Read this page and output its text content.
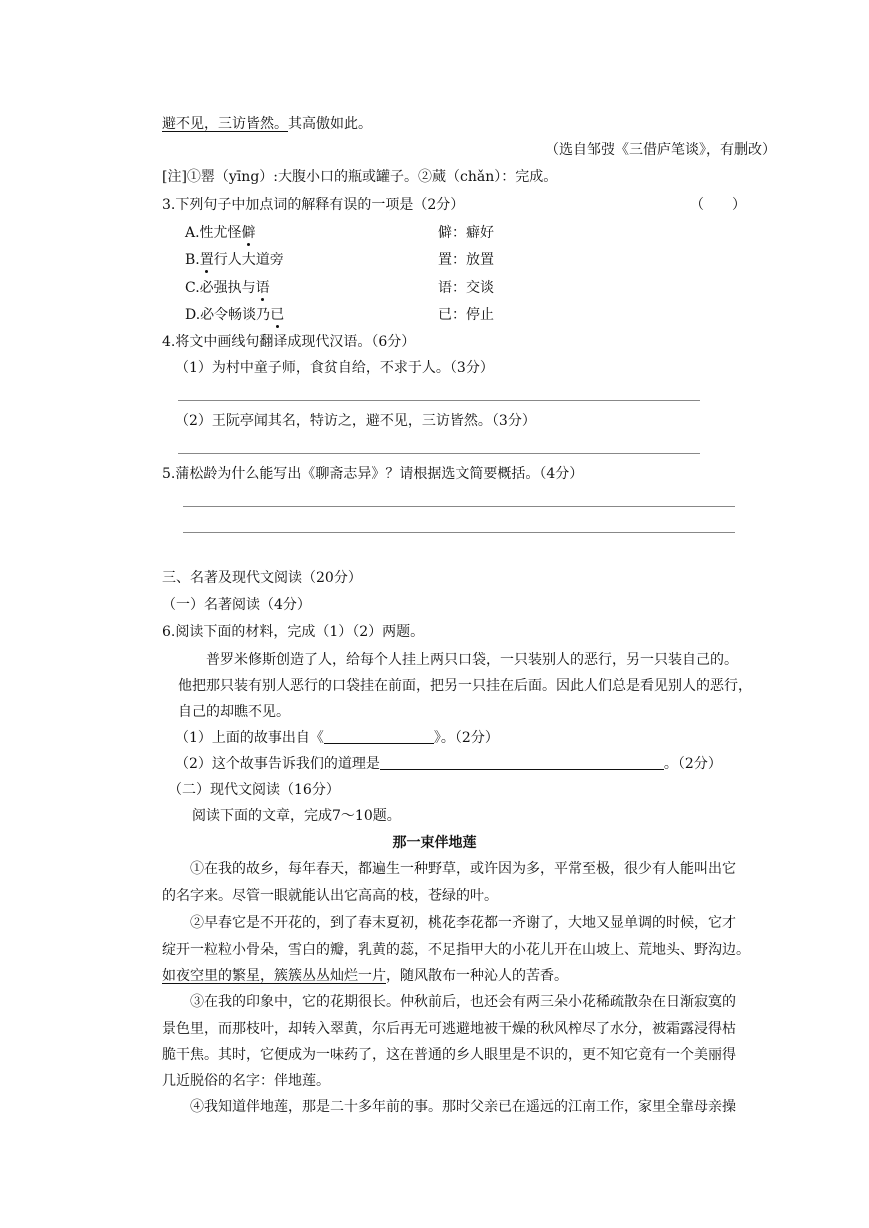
避不见，三访皆然。其高傲如此。
（选自邹弢《三借庐笔谈》，有删改）
[注]①罂（yīng）:大腹小口的瓶或罐子。②蒇（chǎn）：完成。
3.下列句子中加点词的解释有误的一项是（2分）	（　　）
A.性尤怪僻	僻：癖好
B.置行人大道旁	置：放置
C.必强执与语	语：交谈
D.必令畅谈乃已	已：停止
4.将文中画线句翻译成现代汉语。（6分）
（1）为村中童子师，食贫自给，不求于人。（3分）
（2）王阮亭闻其名，特访之，避不见，三访皆然。（3分）
5.蒲松龄为什么能写出《聊斋志异》？请根据选文简要概括。（4分）
三、名著及现代文阅读（20分）
（一）名著阅读（4分）
6.阅读下面的材料，完成（1）（2）两题。
普罗米修斯创造了人，给每个人挂上两只口袋，一只装别人的恶行，另一只装自己的。
他把那只装有别人恶行的口袋挂在前面，把另一只挂在后面。因此人们总是看见别人的恶行，
自己的却瞧不见。
（1）上面的故事出自《	》。（2分）
（2）这个故事告诉我们的道理是	。（2分）
（二）现代文阅读（16分）
阅读下面的文章，完成7～10题。
那一束伴地莲
①在我的故乡，每年春天，都遍生一种野草，或许因为多，平常至极，很少有人能叫出它
的名字来。尽管一眼就能认出它高高的枝，苍绿的叶。
②早春它是不开花的，到了春末夏初，桃花李花都一齐谢了，大地又显单调的时候，它才
绽开一粒粒小骨朵，雪白的瓣，乳黄的蕊，不足指甲大的小花儿开在山坡上、荒地头、野沟边。
如夜空里的繁星，簇簇丛丛灿烂一片，随风散布一种沁人的苦香。
③在我的印象中，它的花期很长。仲秋前后，也还会有两三朵小花稀疏散杂在日渐寂寞的
景色里，而那枝叶，却转入翠黄，尔后再无可逃避地被干燥的秋风榨尽了水分，被霜露浸得枯
脆干焦。其时，它便成为一味药了，这在普通的乡人眼里是不识的，更不知它竟有一个美丽得
几近脱俗的名字：伴地莲。
④我知道伴地莲，那是二十多年前的事。那时父亲已在遥远的江南工作，家里全靠母亲操
